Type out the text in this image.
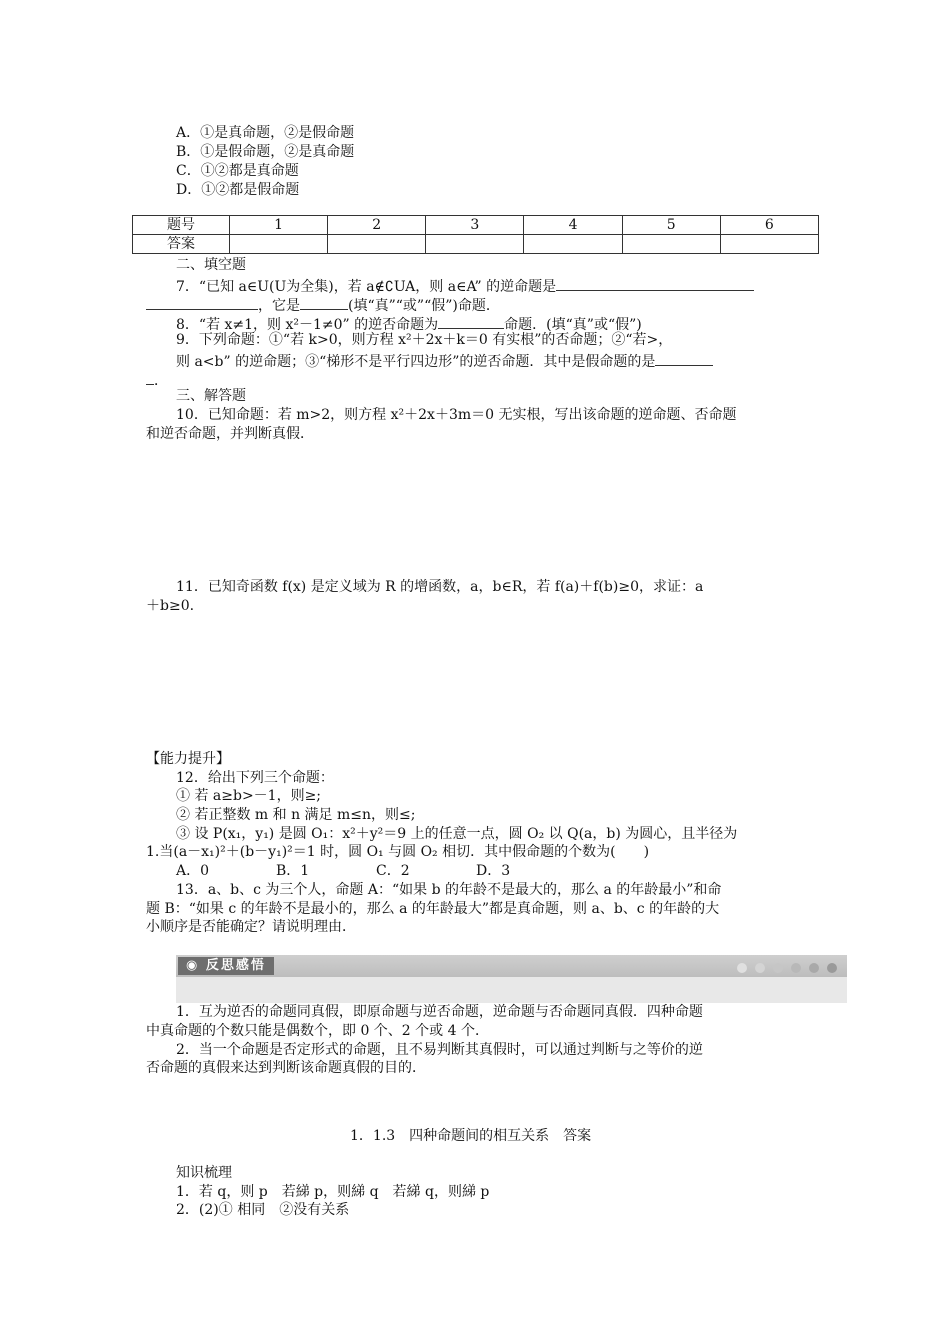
A．①是真命题，②是假命题
B．①是假命题，②是真命题
C．①②都是真命题
D．①②都是假命题
题号	1	2	3	4	5	6
答案						
二、填空题
7．“已知 a∈U(U为全集)，若 a∉∁UA，则 a∈A” 的逆命题是
，它是	(填“真”“或”“假”)命题．
8．“若 x≠1，则 x²－1≠0” 的逆否命题为	命题．(填“真”或“假”)
9．下列命题：①“若 k>0，则方程 x²＋2x＋k＝0 有实根”的否命题；②“若>，
则 a<b” 的逆命题；③“梯形不是平行四边形”的逆否命题．其中是假命题的是
．
三、解答题
10．已知命题：若 m>2，则方程 x²＋2x＋3m＝0 无实根，写出该命题的逆命题、否命题
和逆否命题，并判断真假．
11．已知奇函数 f(x) 是定义域为 R 的增函数，a，b∈R，若 f(a)＋f(b)≥0，求证：a
＋b≥0.
【能力提升】
12．给出下列三个命题：
① 若 a≥b>－1，则≥;
② 若正整数 m 和 n 满足 m≤n，则≤;
③ 设 P(x₁，y₁) 是圆 O₁：x²＋y²＝9 上的任意一点，圆 O₂ 以 Q(a，b) 为圆心，且半径为
1.当(a－x₁)²＋(b－y₁)²＝1 时，圆 O₁ 与圆 O₂ 相切．其中假命题的个数为(　　)
A．0	B．1	C．2	D．3
13．a、b、c 为三个人，命题 A：“如果 b 的年龄不是最大的，那么 a 的年龄最小”和命
题 B：“如果 c 的年龄不是最小的，那么 a 的年龄最大”都是真命题，则 a、b、c 的年龄的大
小顺序是否能确定？请说明理由．
◉ 反思感悟
1．互为逆否的命题同真假，即原命题与逆否命题，逆命题与否命题同真假．四种命题
中真命题的个数只能是偶数个，即 0 个、2 个或 4 个．
2．当一个命题是否定形式的命题，且不易判断其真假时，可以通过判断与之等价的逆
否命题的真假来达到判断该命题真假的目的．
1．1.3　四种命题间的相互关系　答案
知识梳理
1．若 q，则 p　若綈 p，则綈 q　若綈 q，则綈 p
2．(2)① 相同　②没有关系
